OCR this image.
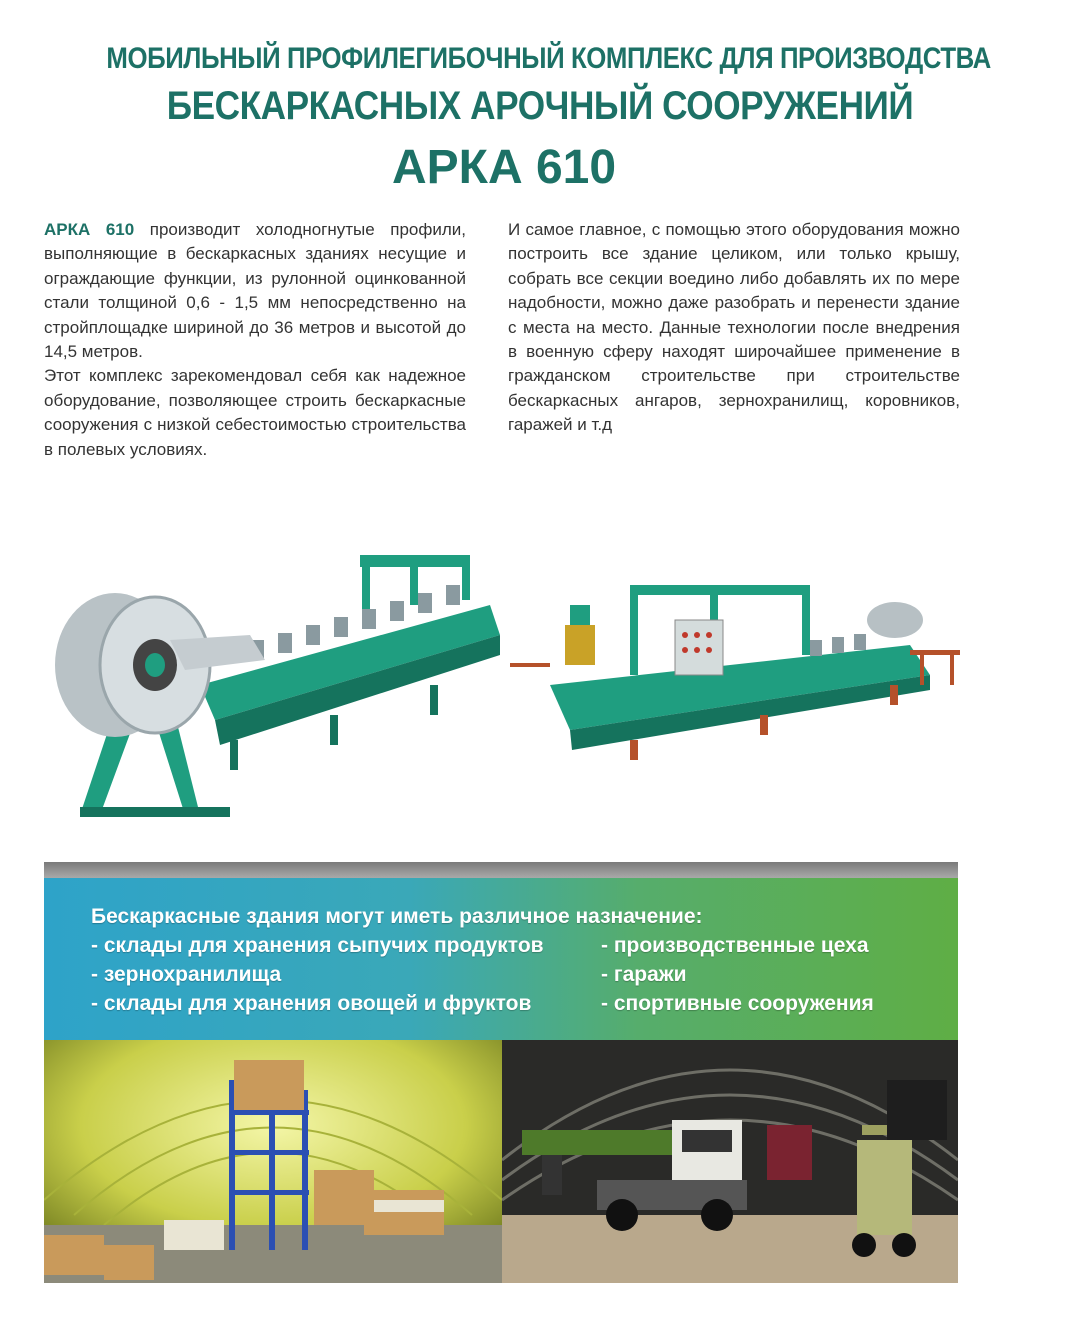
МОБИЛЬНЫЙ ПРОФИЛЕГИБОЧНЫЙ КОМПЛЕКС ДЛЯ ПРОИЗВОДСТВА
БЕСКАРКАСНЫХ АРОЧНЫЙ СООРУЖЕНИЙ
АРКА 610

АРКА 610 производит холодногнутые профили, выполняющие в бескаркасных зданиях несущие и ограждающие функции, из рулонной оцинкованной стали толщиной 0,6 - 1,5 мм непосредственно на стройплощадке шириной до 36 метров и высотой до 14,5 метров.

Этот комплекс зарекомендовал себя как надежное оборудование, позволяющее строить бескаркасные сооружения с низкой себестоимостью строительства в полевых условиях.

И самое главное, с помощью этого оборудования можно построить все здание целиком, или только крышу, собрать все секции воедино либо добавлять их по мере надобности, можно даже разобрать и перенести здание с места на место. Данные технологии после внедрения в военную сферу находят широчайшее применение в гражданском строительстве при строительстве бескаркасных ангаров, зернохранилищ, коровников, гаражей и т.д

Бескаркасные здания могут иметь различное назначение:
- склады для хранения сыпучих продуктов
- зернохранилища
- склады для хранения овощей и фруктов
- производственные цеха
- гаражи
- спортивные сооружения
